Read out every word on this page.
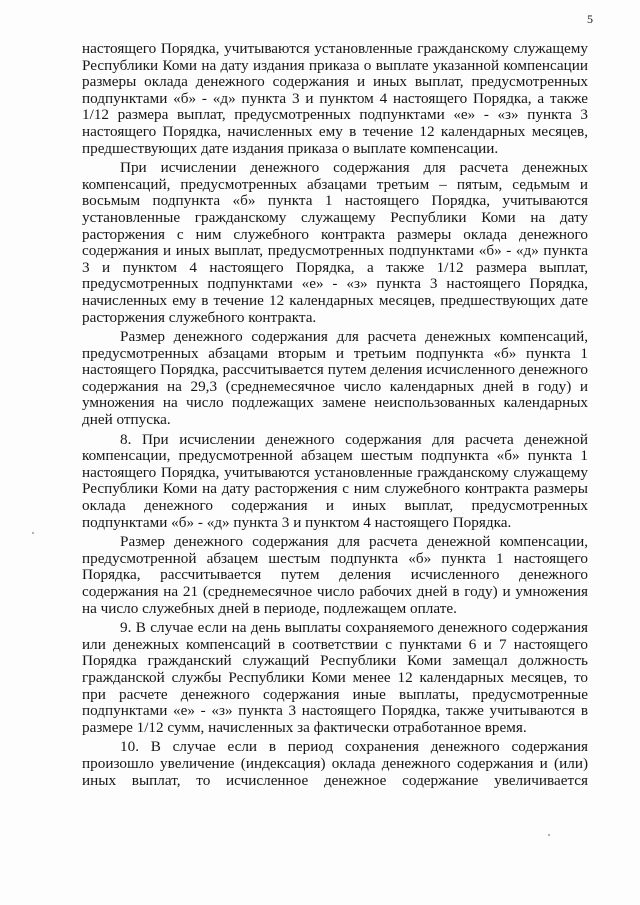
5

настоящего Порядка, учитываются установленные гражданскому служащему Республики Коми на дату издания приказа о выплате указанной компенсации размеры оклада денежного содержания и иных выплат, предусмотренных подпунктами «б» - «д» пункта 3 и пунктом 4 настоящего Порядка, а также 1/12 размера выплат, предусмотренных подпунктами «е» - «з» пункта 3 настоящего Порядка, начисленных ему в течение 12 календарных месяцев, предшествующих дате издания приказа о выплате компенсации.

При исчислении денежного содержания для расчета денежных компенсаций, предусмотренных абзацами третьим – пятым, седьмым и восьмым подпункта «б» пункта 1 настоящего Порядка, учитываются установленные гражданскому служащему Республики Коми на дату расторжения с ним служебного контракта размеры оклада денежного содержания и иных выплат, предусмотренных подпунктами «б» - «д» пункта 3 и пунктом 4 настоящего Порядка, а также 1/12 размера выплат, предусмотренных подпунктами «е» - «з» пункта 3 настоящего Порядка, начисленных ему в течение 12 календарных месяцев, предшествующих дате расторжения служебного контракта.

Размер денежного содержания для расчета денежных компенсаций, предусмотренных абзацами вторым и третьим подпункта «б» пункта 1 настоящего Порядка, рассчитывается путем деления исчисленного денежного содержания на 29,3 (среднемесячное число календарных дней в году) и умножения на число подлежащих замене неиспользованных календарных дней отпуска.

8. При исчислении денежного содержания для расчета денежной компенсации, предусмотренной абзацем шестым подпункта «б» пункта 1 настоящего Порядка, учитываются установленные гражданскому служащему Республики Коми на дату расторжения с ним служебного контракта размеры оклада денежного содержания и иных выплат, предусмотренных подпунктами «б» - «д» пункта 3 и пунктом 4 настоящего Порядка.

Размер денежного содержания для расчета денежной компенсации, предусмотренной абзацем шестым подпункта «б» пункта 1 настоящего Порядка, рассчитывается путем деления исчисленного денежного содержания на 21 (среднемесячное число рабочих дней в году) и умножения на число служебных дней в периоде, подлежащем оплате.

9. В случае если на день выплаты сохраняемого денежного содержания или денежных компенсаций в соответствии с пунктами 6 и 7 настоящего Порядка гражданский служащий Республики Коми замещал должность гражданской службы Республики Коми менее 12 календарных месяцев, то при расчете денежного содержания иные выплаты, предусмотренные подпунктами «е» - «з» пункта 3 настоящего Порядка, также учитываются в размере 1/12 сумм, начисленных за фактически отработанное время.

10. В случае если в период сохранения денежного содержания произошло увеличение (индексация) оклада денежного содержания и (или) иных выплат, то исчисленное денежное содержание увеличивается
